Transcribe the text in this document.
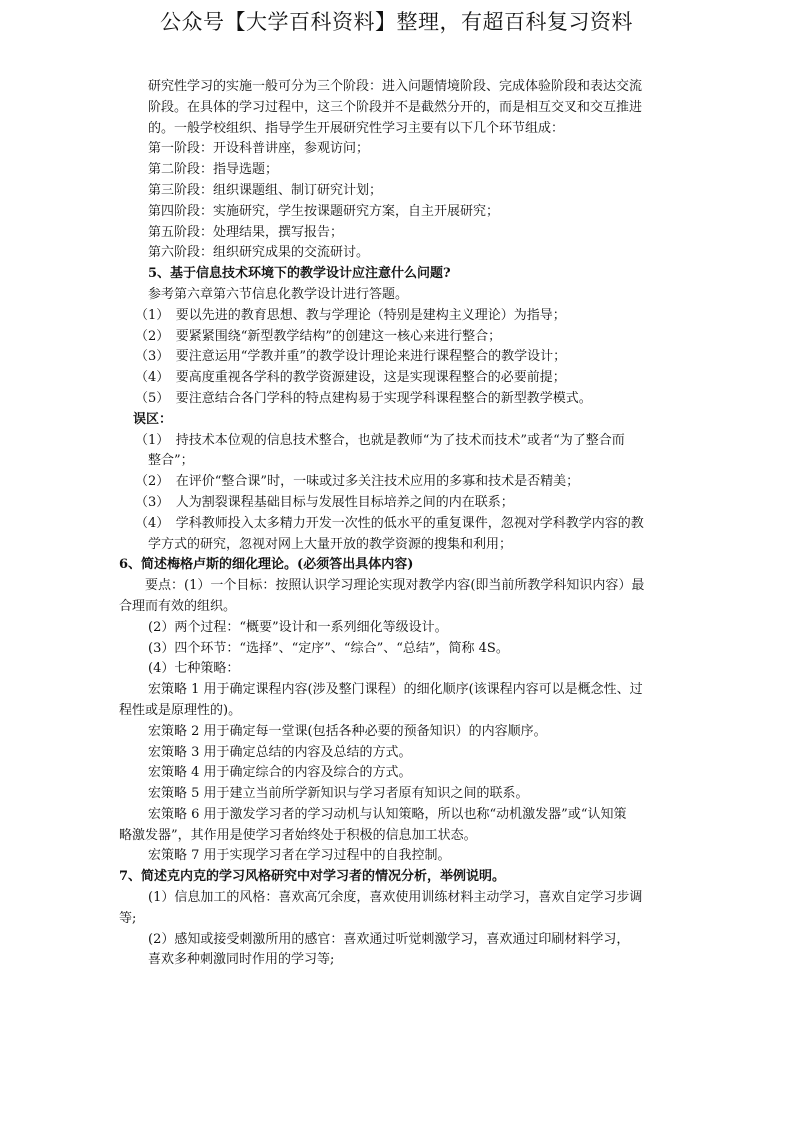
公众号【大学百科资料】整理，有超百科复习资料
研究性学习的实施一般可分为三个阶段：进入问题情境阶段、完成体验阶段和表达交流
阶段。在具体的学习过程中，这三个阶段并不是截然分开的，而是相互交叉和交互推进
的。一般学校组织、指导学生开展研究性学习主要有以下几个环节组成：
第一阶段：开设科普讲座，参观访问；
第二阶段：指导选题；
第三阶段：组织课题组、制订研究计划；
第四阶段：实施研究，学生按课题研究方案，自主开展研究；
第五阶段：处理结果，撰写报告；
第六阶段：组织研究成果的交流研讨。
5、基于信息技术环境下的教学设计应注意什么问题?
参考第六章第六节信息化教学设计进行答题。
（1）　要以先进的教育思想、教与学理论（特别是建构主义理论）为指导；
（2）　要紧紧围绕“新型教学结构”的创建这一核心来进行整合；
（3）　要注意运用“学教并重”的教学设计理论来进行课程整合的教学设计；
（4）　要高度重视各学科的教学资源建设，这是实现课程整合的必要前提；
（5）　要注意结合各门学科的特点建构易于实现学科课程整合的新型教学模式。
误区：
（1）　持技术本位观的信息技术整合，也就是教师“为了技术而技术”或者“为了整合而
整合”；
（2）　在评价“整合课”时，一味或过多关注技术应用的多寡和技术是否精美；
（3）　人为割裂课程基础目标与发展性目标培养之间的内在联系；
（4）　学科教师投入太多精力开发一次性的低水平的重复课件，忽视对学科教学内容的教
学方式的研究，忽视对网上大量开放的教学资源的搜集和利用；
6、简述梅格卢斯的细化理论。(必须答出具体内容)
要点：(1）一个目标：按照认识学习理论实现对教学内容(即当前所教学科知识内容）最
合理而有效的组织。
(2）两个过程：“概要”设计和一系列细化等级设计。
(3）四个环节：“选择”、“定序”、“综合”、“总结”，简称 4S。
(4）七种策略：
宏策略 1 用于确定课程内容(涉及整门课程）的细化顺序(该课程内容可以是概念性、过
程性或是原理性的)。
宏策略 2 用于确定每一堂课(包括各种必要的预备知识）的内容顺序。
宏策略 3 用于确定总结的内容及总结的方式。
宏策略 4 用于确定综合的内容及综合的方式。
宏策略 5 用于建立当前所学新知识与学习者原有知识之间的联系。
宏策略 6 用于激发学习者的学习动机与认知策略，所以也称“动机激发器”或“认知策
略激发器”，其作用是使学习者始终处于积极的信息加工状态。
宏策略 7 用于实现学习者在学习过程中的自我控制。
7、简述克内克的学习风格研究中对学习者的情况分析，举例说明。
(1）信息加工的风格：喜欢高冗余度，喜欢使用训练材料主动学习，喜欢自定学习步调
等;
(2）感知或接受刺激所用的感官：喜欢通过听觉刺激学习，喜欢通过印刷材料学习，
喜欢多种刺激同时作用的学习等;
